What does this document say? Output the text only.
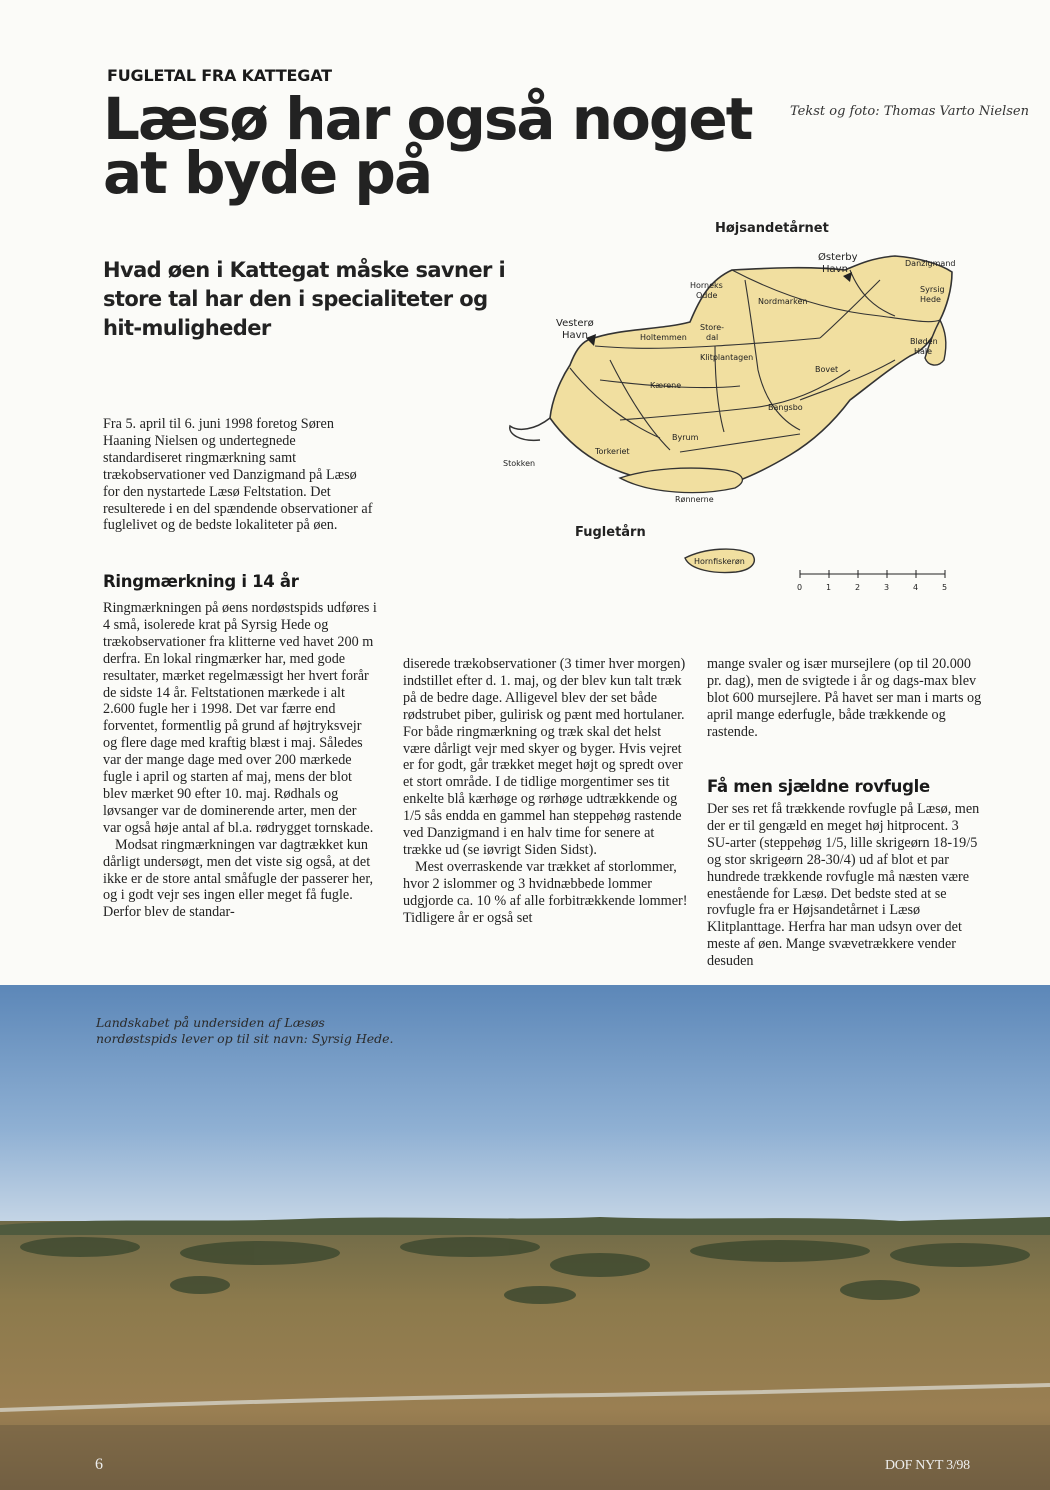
FUGLETAL FRA KATTEGAT
Læsø har også noget
at byde på
Tekst og foto: Thomas Varto Nielsen
Hvad øen i Kattegat måske savner i store tal har den i specialiteter og hit-muligheder
Fra 5. april til 6. juni 1998 foretog Søren Haaning Nielsen og undertegnede standardiseret ringmærkning samt trækobservationer ved Danzigmand på Læsø for den nystartede Læsø Feltstation. Det resulterede i en del spændende observationer af fuglelivet og de bedste lokaliteter på øen.
Ringmærkning i 14 år

Ringmærkningen på øens nordøstspids udføres i 4 små, isolerede krat på Syrsig Hede og trækobservationer fra klitterne ved havet 200 m derfra. En lokal ringmærker har, med gode resultater, mærket regelmæssigt her hvert forår de sidste 14 år. Feltstationen mærkede i alt 2.600 fugle her i 1998. Det var færre end forventet, formentlig på grund af højtryksvejr og flere dage med kraftig blæst i maj. Således var der mange dage med over 200 mærkede fugle i april og starten af maj, mens der blot blev mærket 90 efter 10. maj. Rødhals og løvsanger var de dominerende arter, men der var også høje antal af bl.a. rødrygget tornskade.

Modsat ringmærkningen var dagtrækket kun dårligt undersøgt, men det viste sig også, at det ikke er de store antal småfugle der passerer her, og i godt vejr ses ingen eller meget få fugle. Derfor blev de standar-

diserede trækobservationer (3 timer hver morgen) indstillet efter d. 1. maj, og der blev kun talt træk på de bedre dage. Alligevel blev der set både rødstrubet piber, gulirisk og pænt med hortulaner. For både ringmærkning og træk skal det helst være dårligt vejr med skyer og byger. Hvis vejret er for godt, går trækket meget højt og spredt over et stort område. I de tidlige morgentimer ses tit enkelte blå kærhøge og rørhøge udtrækkende og 1/5 sås endda en gammel han steppehøg rastende ved Danzigmand i en halv time for senere at trække ud (se iøvrigt Siden Sidst).

Mest overraskende var trækket af storlommer, hvor 2 islommer og 3 hvidnæbbede lommer udgjorde ca. 10 % af alle forbitrækkende lommer! Tidligere år er også set

mange svaler og især mursejlere (op til 20.000 pr. dag), men de svigtede i år og dags-max blev blot 600 mursejlere. På havet ser man i marts og april mange ederfugle, både trækkende og rastende.

Få men sjældne rovfugle

Der ses ret få trækkende rovfugle på Læsø, men der er til gengæld en meget høj hitprocent. 3 SU-arter (steppehøg 1/5, lille skrigeørn 18-19/5 og stor skrigeørn 28-30/4) ud af blot et par hundrede trækkende rovfugle må næsten være enestående for Læsø. Det bedste sted at se rovfugle fra er Højsandetårnet i Læsø Klitplanttage. Herfra har man udsyn over det meste af øen. Mange svævetrækkere vender desuden

Højsandetårnet
Østerby
Havn
Danzigmand
Syrsig
Hede
Horneks
Odde
Nordmarken
Vesterø
Havn	Holtemmen
Store-
dal
Klitplantagen
Bløden
Hale
Bovet
Kærene
Bangsbo
Byrum
Torkeriet
Stokken
Rønnerne
Fugletårn
Hornfiskerøn
0	1	2	3	4	5
Landskabet på undersiden af Læsøs nordøstspids lever op til sit navn: Syrsig Hede.
6	DOF NYT 3/98
